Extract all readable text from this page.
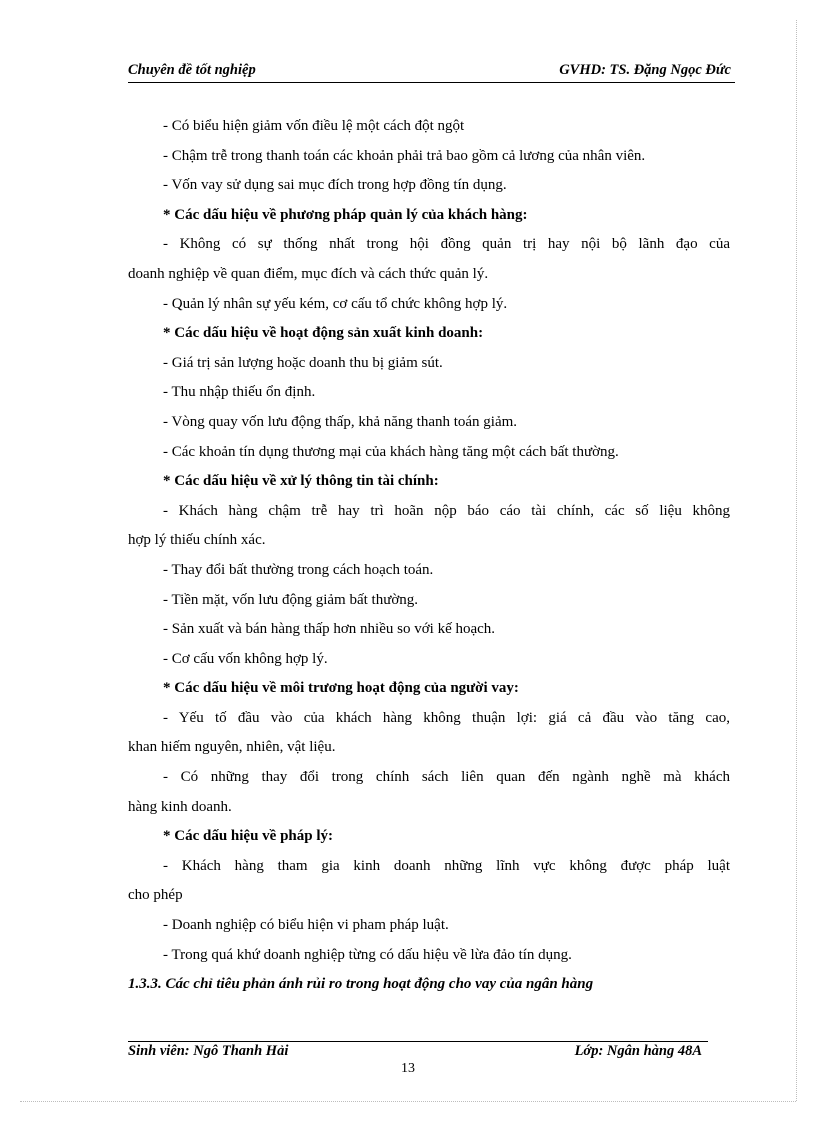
Chuyên đề tốt nghiệp	GVHD: TS. Đặng Ngọc Đức
- Có biểu hiện giảm vốn điều lệ một cách đột ngột
- Chậm trễ trong thanh toán các khoản phải trả bao gồm cả lương của nhân viên.
- Vốn vay sử dụng sai mục đích trong hợp đồng tín dụng.
* Các dấu hiệu về phương pháp quản lý của khách hàng:
- Không có sự thống nhất trong hội đồng quản trị hay nội bộ lãnh đạo của
doanh nghiệp về quan điểm, mục đích và cách thức quản lý.
- Quản lý nhân sự yếu kém, cơ cấu tổ chức không hợp lý.
* Các dấu hiệu về hoạt động sản xuất kinh doanh:
- Giá trị sản lượng hoặc doanh thu bị giảm sút.
- Thu nhập thiếu ổn định.
- Vòng quay vốn lưu động thấp, khả năng thanh toán giảm.
- Các khoản tín dụng thương mại của khách hàng tăng một cách bất thường.
* Các dấu hiệu về xử lý thông tin tài chính:
- Khách hàng chậm trễ hay trì hoãn nộp báo cáo tài chính, các số liệu không
hợp lý thiếu chính xác.
- Thay đổi bất thường trong cách hoạch toán.
- Tiền mặt, vốn lưu động giảm bất thường.
- Sản xuất và bán hàng thấp hơn nhiều so với kế hoạch.
- Cơ cấu vốn không hợp lý.
* Các dấu hiệu về môi trương hoạt động của người vay:
- Yếu tố đầu vào của khách hàng không thuận lợi: giá cả đầu vào tăng cao,
khan hiếm nguyên, nhiên, vật liệu.
- Có những thay đổi trong chính sách liên quan đến ngành nghề mà khách
hàng kinh doanh.
* Các dấu hiệu về pháp lý:
- Khách hàng tham gia kinh doanh những lĩnh vực không được pháp luật
cho phép
- Doanh nghiệp có biểu hiện vi pham pháp luật.
- Trong quá khứ doanh nghiệp từng có dấu hiệu về lừa đảo tín dụng.
1.3.3. Các chỉ tiêu phản ánh rủi ro trong hoạt động cho vay của ngân hàng
Sinh viên: Ngô Thanh Hải	Lớp: Ngân hàng 48A
13
